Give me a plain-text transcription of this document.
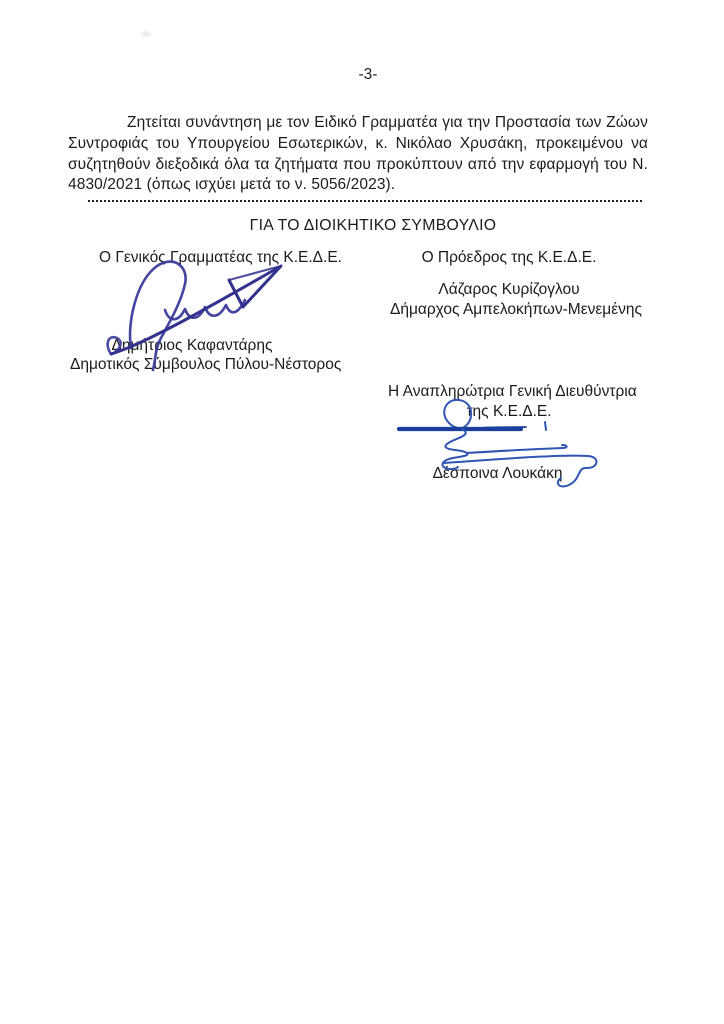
-3-
Ζητείται συνάντηση με τον Ειδικό Γραμματέα για την Προστασία των Ζώων Συντροφιάς του Υπουργείου Εσωτερικών, κ. Νικόλαο Χρυσάκη, προκειμένου να συζητηθούν διεξοδικά όλα τα ζητήματα που προκύπτουν από την εφαρμογή του Ν. 4830/2021 (όπως ισχύει μετά το ν. 5056/2023).
ΓΙΑ ΤΟ ΔΙΟΙΚΗΤΙΚΟ ΣΥΜΒΟΥΛΙΟ
Ο Γενικός Γραμματέας της Κ.Ε.Δ.Ε.	Ο Πρόεδρος της Κ.Ε.Δ.Ε.
Λάζαρος Κυρίζογλου
Δήμαρχος Αμπελοκήπων-Μενεμένης
Δημήτριος Καφαντάρης
Δημοτικός Σύμβουλος Πύλου-Νέστορος
Η Αναπληρώτρια Γενική Διευθύντρια
της Κ.Ε.Δ.Ε.
Δέσποινα Λουκάκη
